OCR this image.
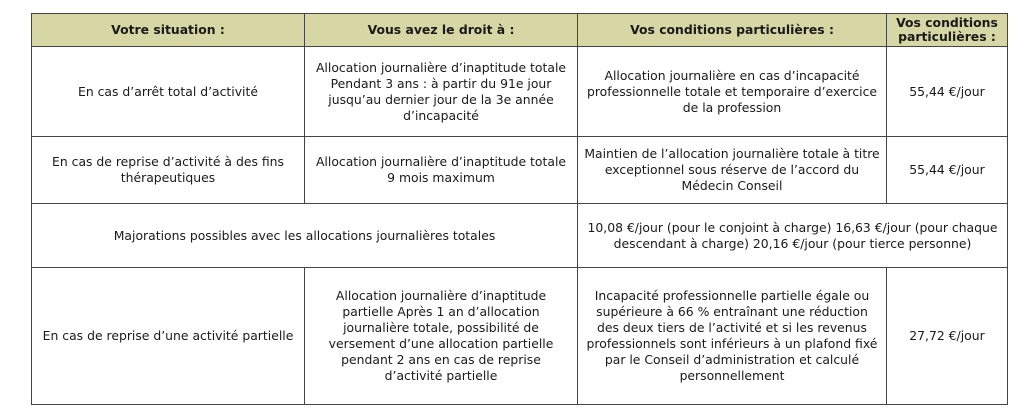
Votre situation :	Vous avez le droit à :	Vos conditions particulières :	Vos conditions particulières :
En cas d’arrêt total d’activité	Allocation journalière d’inaptitude totale Pendant 3 ans : à partir du 91e jour jusqu’au dernier jour de la 3e année d’incapacité	Allocation journalière en cas d’incapacité professionnelle totale et temporaire d’exercice de la profession	55,44 €/jour
En cas de reprise d’activité à des fins thérapeutiques	Allocation journalière d’inaptitude totale 9 mois maximum	Maintien de l’allocation journalière totale à titre exceptionnel sous réserve de l’accord du Médecin Conseil	55,44 €/jour
Majorations possibles avec les allocations journalières totales		10,08 €/jour (pour le conjoint à charge) 16,63 €/jour (pour chaque descendant à charge) 20,16 €/jour (pour tierce personne)	
En cas de reprise d’une activité partielle	Allocation journalière d’inaptitude partielle Après 1 an d’allocation journalière totale, possibilité de versement d’une allocation partielle pendant 2 ans en cas de reprise d’activité partielle	Incapacité professionnelle partielle égale ou supérieure à 66 % entraînant une réduction des deux tiers de l’activité et si les revenus professionnels sont inférieurs à un plafond fixé par le Conseil d’administration et calculé personnellement	27,72 €/jour
